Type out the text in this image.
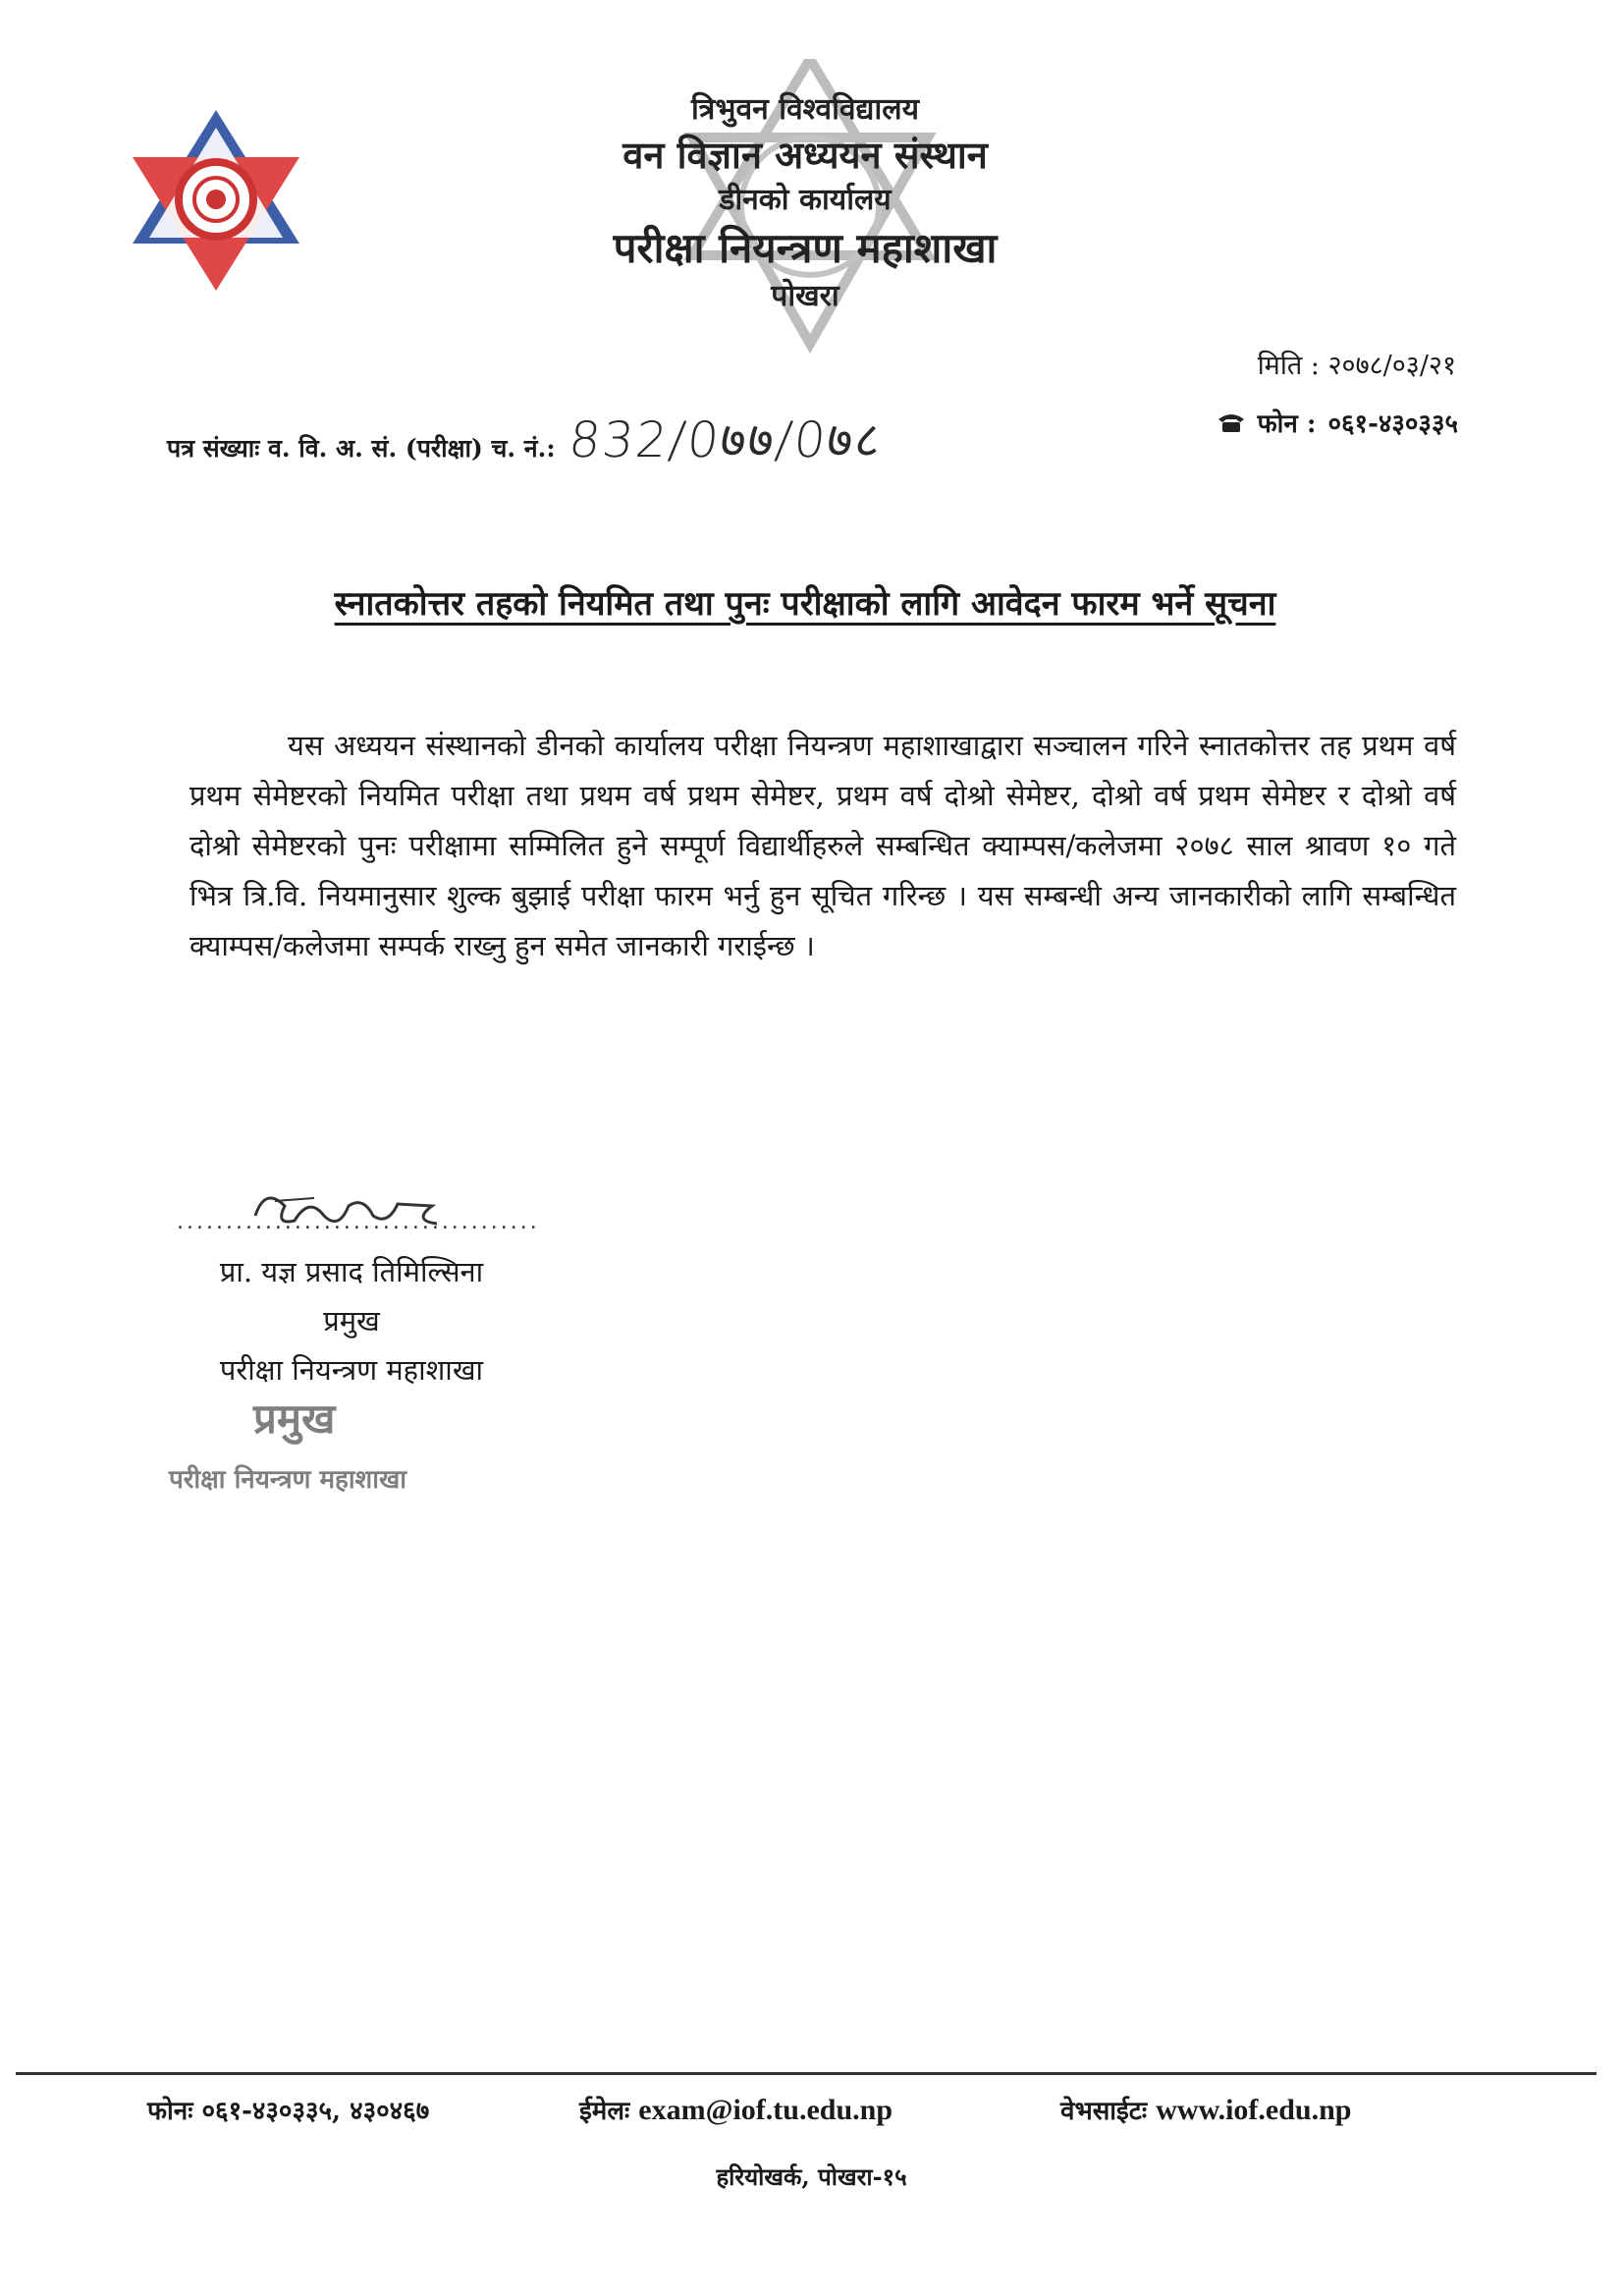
त्रिभुवन विश्वविद्यालय
वन विज्ञान अध्ययन संस्थान
डीनको कार्यालय
परीक्षा नियन्त्रण महाशाखा
पोखरा
मिति : २०७८/०३/२१
फोन : ०६१-४३०३३५
पत्र संख्याः व. वि. अ. सं. (परीक्षा) च. नं.: 832/0७७/0७८
स्नातकोत्तर तहको नियमित तथा पुनः परीक्षाको लागि आवेदन फारम भर्ने सूचना

यस अध्ययन संस्थानको डीनको कार्यालय परीक्षा नियन्त्रण महाशाखाद्वारा सञ्चालन गरिने स्नातकोत्तर तह प्रथम वर्ष प्रथम सेमेष्टरको नियमित परीक्षा तथा प्रथम वर्ष प्रथम सेमेष्टर, प्रथम वर्ष दोश्रो सेमेष्टर, दोश्रो वर्ष प्रथम सेमेष्टर र दोश्रो वर्ष दोश्रो सेमेष्टरको पुनः परीक्षामा सम्मिलित हुने सम्पूर्ण विद्यार्थीहरुले सम्बन्धित क्याम्पस/कलेजमा २०७८ साल श्रावण १० गते भित्र त्रि.वि. नियमानुसार शुल्क बुझाई परीक्षा फारम भर्नु हुन सूचित गरिन्छ । यस सम्बन्धी अन्य जानकारीको लागि सम्बन्धित क्याम्पस/कलेजमा सम्पर्क राख्नु हुन समेत जानकारी गराईन्छ ।

.....................................
प्रा. यज्ञ प्रसाद तिमिल्सिना
प्रमुख
परीक्षा नियन्त्रण महाशाखा
प्रमुख
परीक्षा नियन्त्रण महाशाखा
फोनः ०६१-४३०३३५, ४३०४६७	ईमेलः exam@iof.tu.edu.np	वेभसाईटः www.iof.edu.np
हरियोखर्क, पोखरा-१५
